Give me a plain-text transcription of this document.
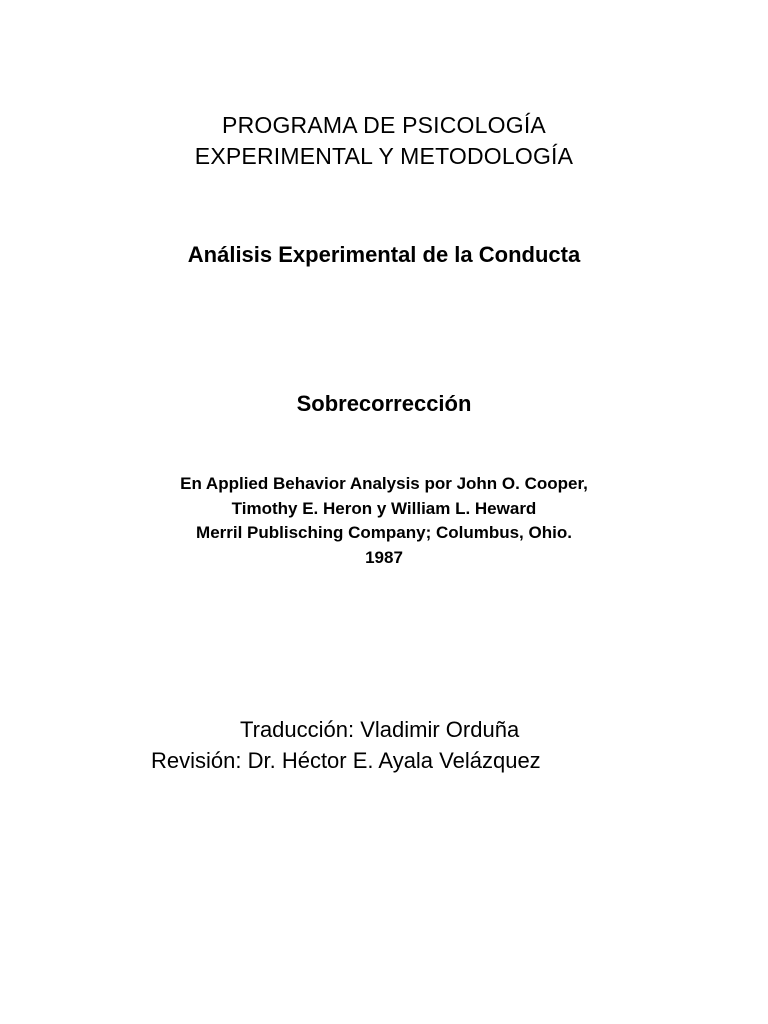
PROGRAMA DE PSICOLOGÍA
EXPERIMENTAL Y METODOLOGÍA
Análisis Experimental de la Conducta
Sobrecorrección
En Applied Behavior Analysis por John O. Cooper,
Timothy E. Heron y William L. Heward
Merril Publisching Company; Columbus, Ohio.
1987

Traducción: Vladimir Orduña

Revisión: Dr. Héctor E. Ayala Velázquez
